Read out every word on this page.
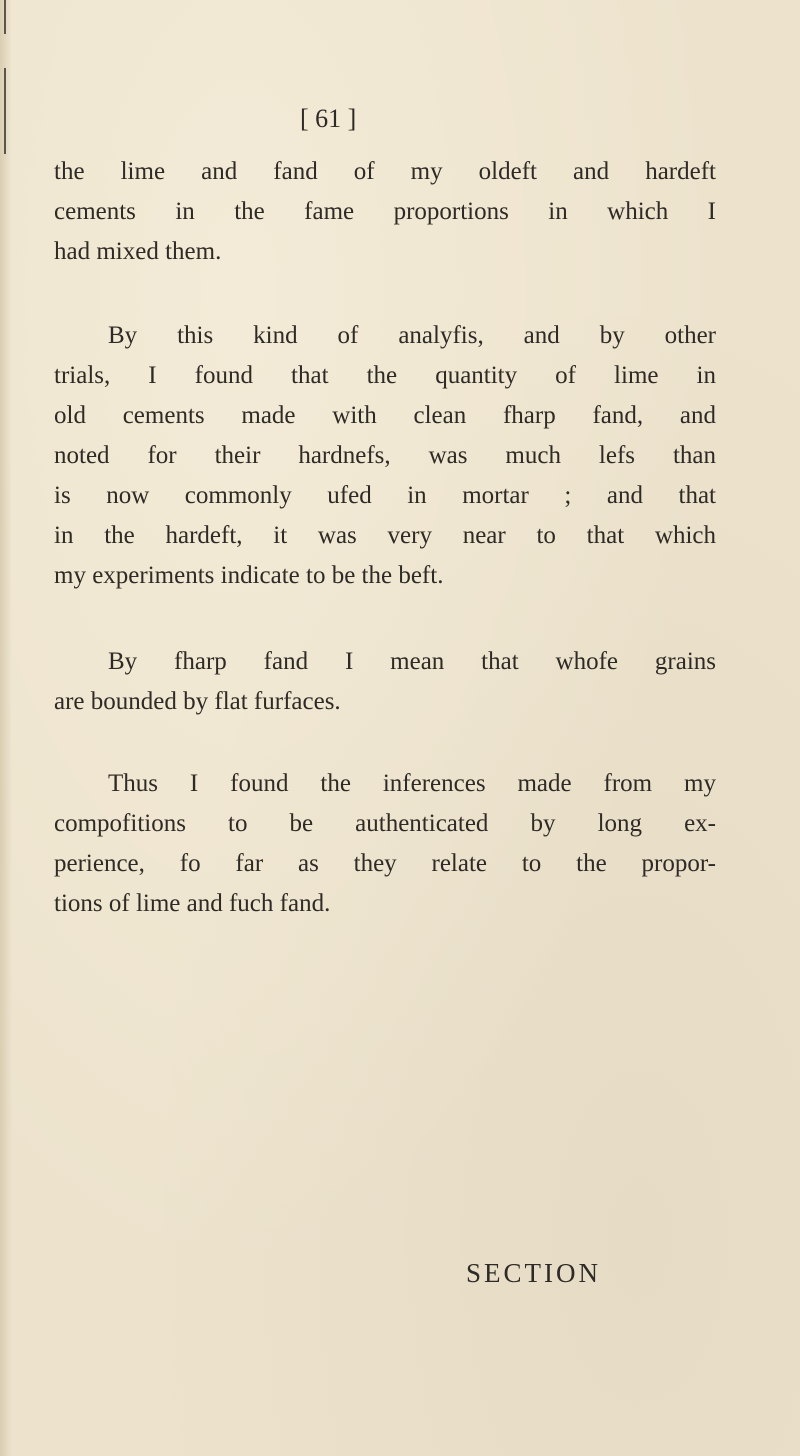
[ 61 ]
the lime and fand of my oldeft and hardeft
cements in the fame proportions in which I
had mixed them.
By this kind of analyfis, and by other
trials, I found that the quantity of lime in
old cements made with clean fharp fand, and
noted for their hardnefs, was much lefs than
is now commonly ufed in mortar ; and that
in the hardeft, it was very near to that which
my experiments indicate to be the beft.
By fharp fand I mean that whofe grains
are bounded by flat furfaces.
Thus I found the inferences made from my
compofitions to be authenticated by long ex-
perience, fo far as they relate to the propor-
tions of lime and fuch fand.
SECTION
